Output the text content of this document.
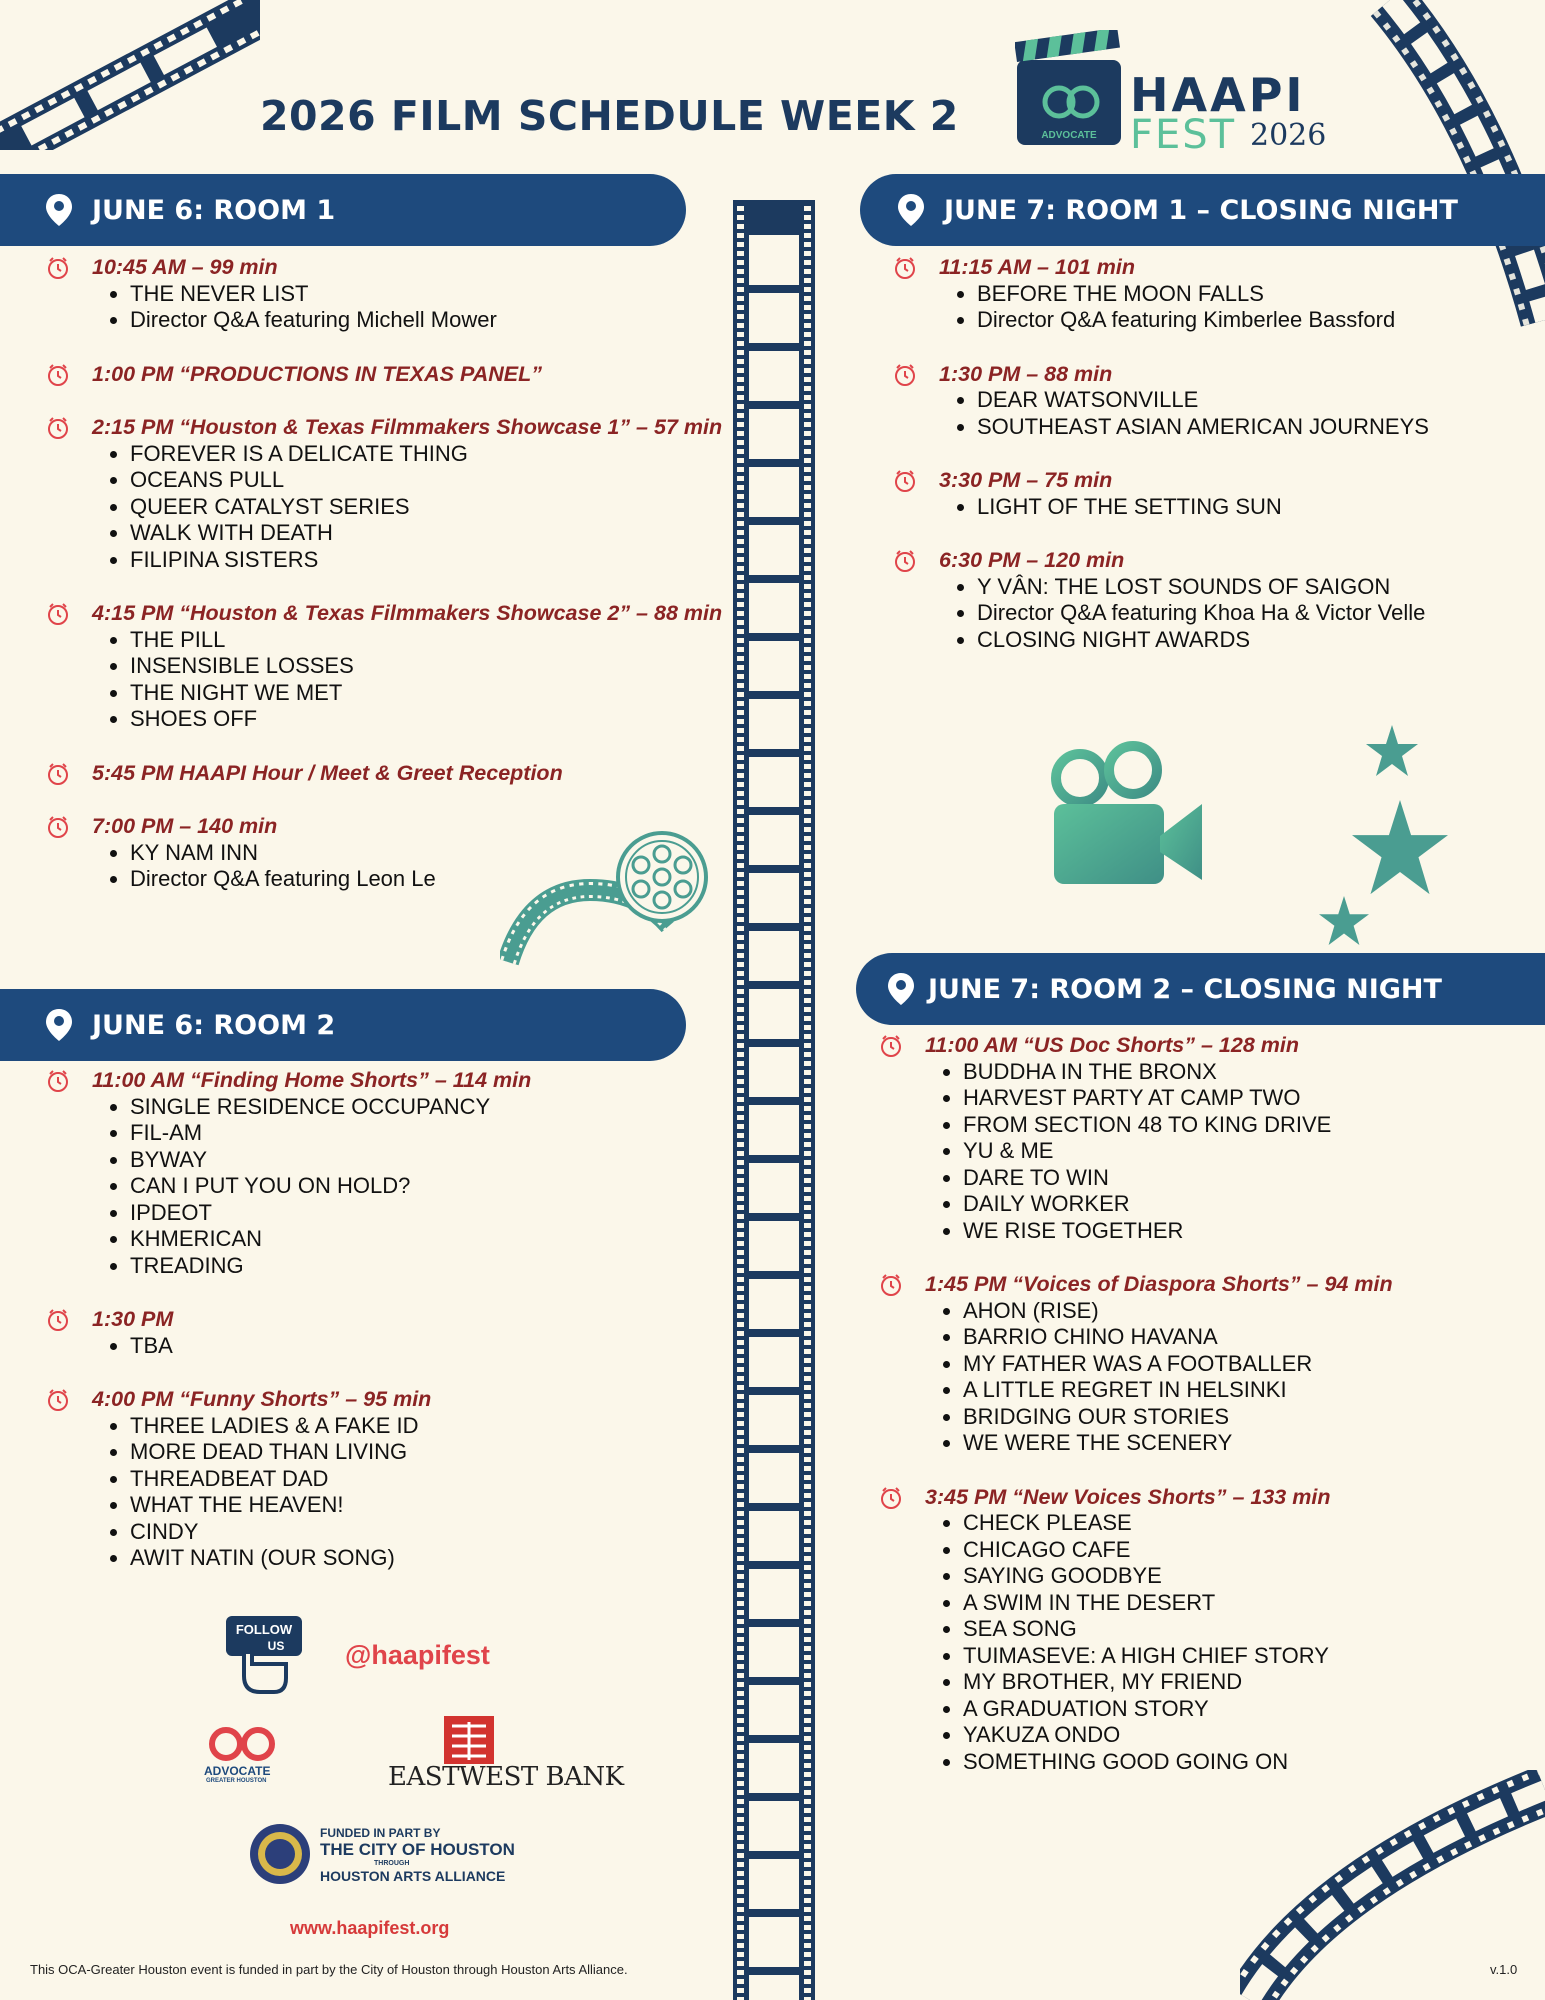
2026 FILM SCHEDULE WEEK 2	ADVOCATE
HAAPI
FEST 2026
JUNE 6: ROOM 1
JUNE 6: ROOM 2
JUNE 7: ROOM 1 – CLOSING NIGHT
JUNE 7: ROOM 2 – CLOSING NIGHT
10:45 AM – 99 min
• THE NEVER LIST
• Director Q&A featuring Michell Mower
1:00 PM “PRODUCTIONS IN TEXAS PANEL”
2:15 PM “Houston & Texas Filmmakers Showcase 1” – 57 min
• FOREVER IS A DELICATE THING
• OCEANS PULL
• QUEER CATALYST SERIES
• WALK WITH DEATH
• FILIPINA SISTERS
4:15 PM “Houston & Texas Filmmakers Showcase 2” – 88 min
• THE PILL
• INSENSIBLE LOSSES
• THE NIGHT WE MET
• SHOES OFF
5:45 PM HAAPI Hour / Meet & Greet Reception
7:00 PM – 140 min
• KY NAM INN
• Director Q&A featuring Leon Le
11:00 AM “Finding Home Shorts” – 114 min
• SINGLE RESIDENCE OCCUPANCY
• FIL-AM
• BYWAY
• CAN I PUT YOU ON HOLD?
• IPDEOT
• KHMERICAN
• TREADING
1:30 PM
• TBA
4:00 PM “Funny Shorts” – 95 min
• THREE LADIES & A FAKE ID
• MORE DEAD THAN LIVING
• THREADBEAT DAD
• WHAT THE HEAVEN!
• CINDY
• AWIT NATIN (OUR SONG)
11:15 AM – 101 min
• BEFORE THE MOON FALLS
• Director Q&A featuring Kimberlee Bassford
1:30 PM – 88 min
• DEAR WATSONVILLE
• SOUTHEAST ASIAN AMERICAN JOURNEYS
3:30 PM – 75 min
• LIGHT OF THE SETTING SUN
6:30 PM – 120 min
• Y VÂN: THE LOST SOUNDS OF SAIGON
• Director Q&A featuring Khoa Ha & Victor Velle
• CLOSING NIGHT AWARDS
11:00 AM “US Doc Shorts” – 128 min
• BUDDHA IN THE BRONX
• HARVEST PARTY AT CAMP TWO
• FROM SECTION 48 TO KING DRIVE
• YU & ME
• DARE TO WIN
• DAILY WORKER
• WE RISE TOGETHER
1:45 PM “Voices of Diaspora Shorts” – 94 min
• AHON (RISE)
• BARRIO CHINO HAVANA
• MY FATHER WAS A FOOTBALLER
• A LITTLE REGRET IN HELSINKI
• BRIDGING OUR STORIES
• WE WERE THE SCENERY
3:45 PM “New Voices Shorts” – 133 min
• CHECK PLEASE
• CHICAGO CAFE
• SAYING GOODBYE
• A SWIM IN THE DESERT
• SEA SONG
• TUIMASEVE: A HIGH CHIEF STORY
• MY BROTHER, MY FRIEND
• A GRADUATION STORY
• YAKUZA ONDO
• SOMETHING GOOD GOING ON
FOLLOW
US @haapifest
ADVOCATE
GREATER HOUSTON	EASTWEST BANK
FUNDED IN PART BY
THE CITY OF HOUSTON
THROUGH
HOUSTON ARTS ALLIANCE
www.haapifest.org
This OCA-Greater Houston event is funded in part by the City of Houston through Houston Arts Alliance.	v.1.0
